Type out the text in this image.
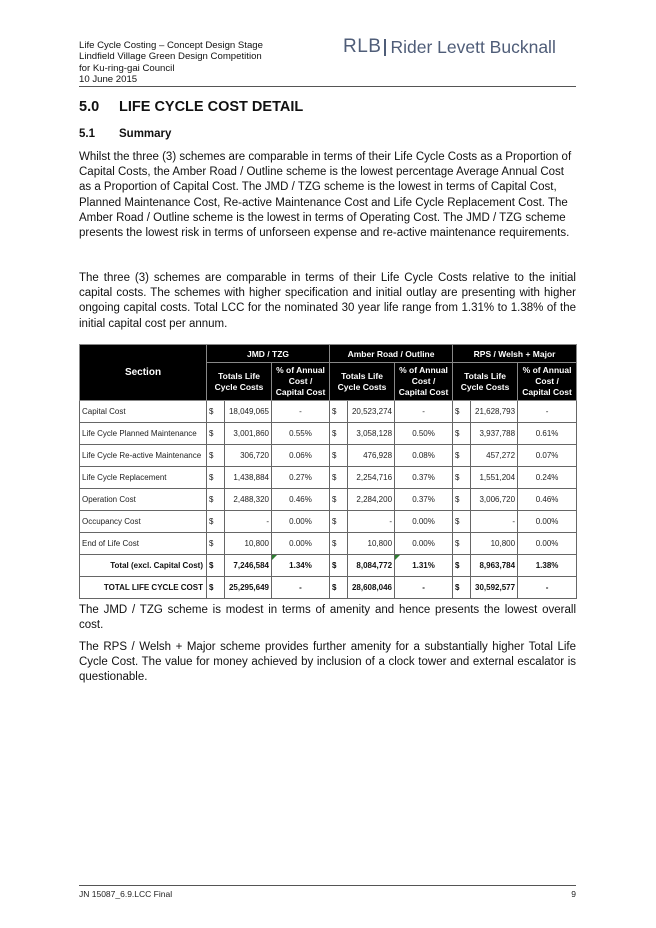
Life Cycle Costing – Concept Design Stage
Lindfield Village Green Design Competition
for Ku-ring-gai Council
10 June 2015
RLB Rider Levett Bucknall
5.0 LIFE CYCLE COST DETAIL
5.1 Summary
Whilst the three (3) schemes are comparable in terms of their Life Cycle Costs as a Proportion of Capital Costs, the Amber Road / Outline scheme is the lowest percentage Average Annual Cost as a Proportion of Capital Cost. The JMD / TZG scheme is the lowest in terms of Capital Cost, Planned Maintenance Cost, Re-active Maintenance Cost and Life Cycle Replacement Cost. The Amber Road / Outline scheme is the lowest in terms of Operating Cost. The JMD / TZG scheme presents the lowest risk in terms of unforseen expense and re-active maintenance requirements.
The three (3) schemes are comparable in terms of their Life Cycle Costs relative to the initial capital costs. The schemes with higher specification and initial outlay are presenting with higher ongoing capital costs. Total LCC for the nominated 30 year life range from 1.31% to 1.38% of the initial capital cost per annum.
Section	JMD / TZG			Amber Road / Outline			RPS / Welsh + Major		
	Totals Life Cycle Costs		% of Annual Cost / Capital Cost	Totals Life Cycle Costs		% of Annual Cost / Capital Cost	Totals Life Cycle Costs		% of Annual Cost / Capital Cost
Capital Cost	$	18,049,065	-	$	20,523,274	-	$	21,628,793	-
Life Cycle Planned Maintenance	$	3,001,860	0.55%	$	3,058,128	0.50%	$	3,937,788	0.61%
Life Cycle Re-active Maintenance	$	306,720	0.06%	$	476,928	0.08%	$	457,272	0.07%
Life Cycle Replacement	$	1,438,884	0.27%	$	2,254,716	0.37%	$	1,551,204	0.24%
Operation Cost	$	2,488,320	0.46%	$	2,284,200	0.37%	$	3,006,720	0.46%
Occupancy Cost	$	-	0.00%	$	-	0.00%	$	-	0.00%
End of Life Cost	$	10,800	0.00%	$	10,800	0.00%	$	10,800	0.00%
Total (excl. Capital Cost)	$	7,246,584	1.34%	$	8,084,772	1.31%	$	8,963,784	1.38%
TOTAL LIFE CYCLE COST	$	25,295,649	-	$	28,608,046	-	$	30,592,577	-
The JMD / TZG scheme is modest in terms of amenity and hence presents the lowest overall cost.
The RPS / Welsh + Major scheme provides further amenity for a substantially higher Total Life Cycle Cost. The value for money achieved by inclusion of a clock tower and external escalator is questionable.
JN 15087_6.9.LCC Final	9
